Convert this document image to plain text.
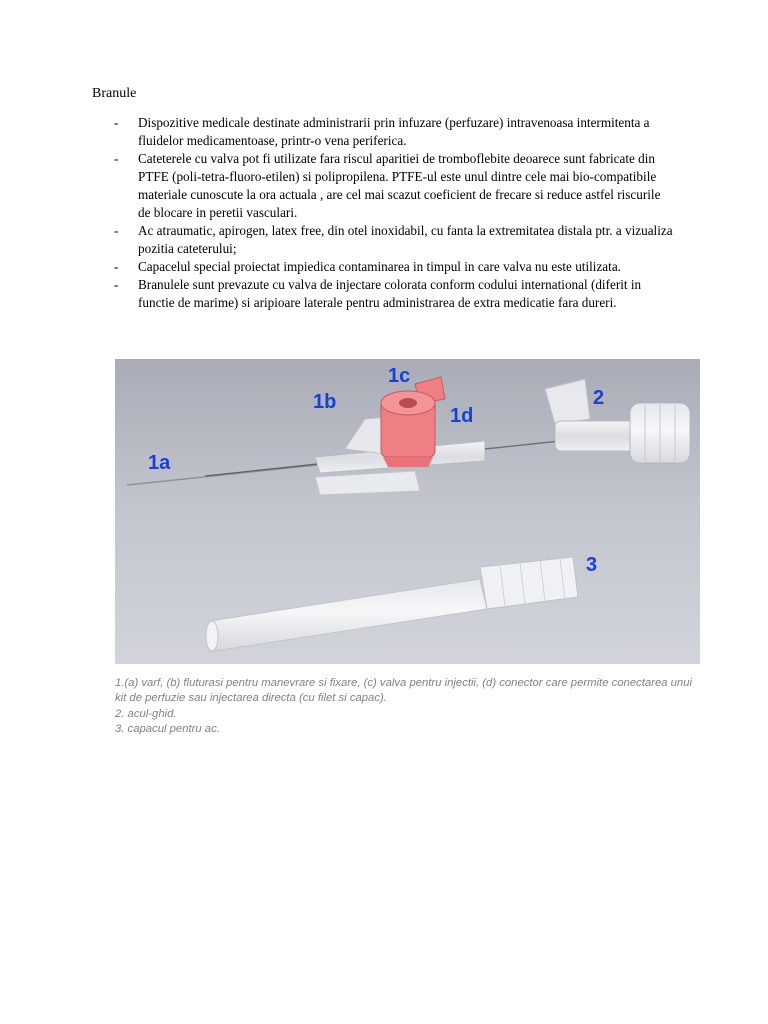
Branule
- Dispozitive medicale destinate administrarii prin infuzare (perfuzare) intravenoasa intermitenta a fluidelor medicamentoase, printr-o vena periferica.
- Cateterele cu valva pot fi utilizate fara riscul aparitiei de tromboflebite deoarece sunt fabricate din PTFE (poli-tetra-fluoro-etilen) si polipropilena. PTFE-ul este unul dintre cele mai bio-compatibile materiale cunoscute la ora actuala , are cel mai scazut coeficient de frecare si reduce astfel riscurile de blocare in peretii vasculari.
- Ac atraumatic, apirogen, latex free, din otel inoxidabil, cu fanta la extremitatea distala ptr. a vizualiza pozitia cateterului;
- Capacelul special proiectat impiedica contaminarea in timpul in care valva nu este utilizata.
- Branulele sunt prevazute cu valva de injectare colorata conform codului international (diferit in functie de marime) si aripioare laterale pentru administrarea de extra medicatie fara dureri.
1a
1b
1c
1d
2
3
1.(a) varf, (b) fluturasi pentru manevrare si fixare, (c) valva pentru injectii, (d) conector care permite conectarea unui kit de perfuzie sau injectarea directa (cu filet si capac).
2. acul-ghid.
3. capacul pentru ac.
